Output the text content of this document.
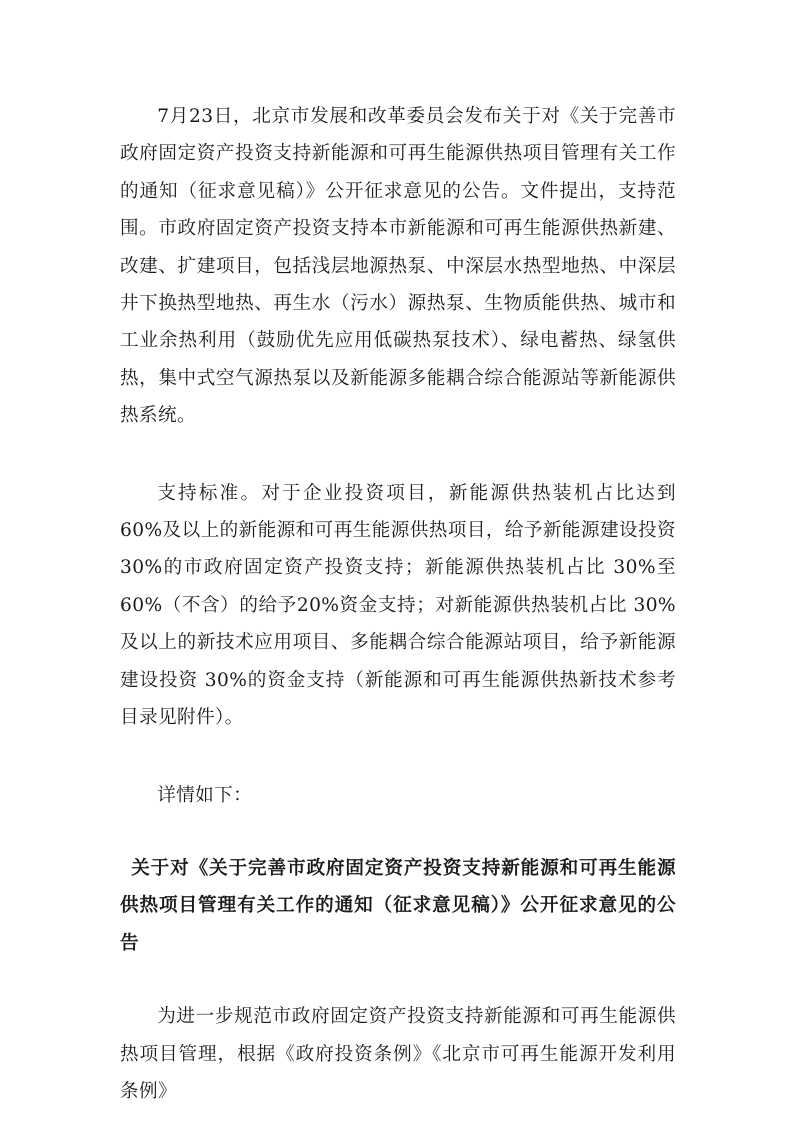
7月23日，北京市发展和改革委员会发布关于对《关于完善市政府固定资产投资支持新能源和可再生能源供热项目管理有关工作的通知（征求意见稿）》公开征求意见的公告。文件提出，支持范围。市政府固定资产投资支持本市新能源和可再生能源供热新建、改建、扩建项目，包括浅层地源热泵、中深层水热型地热、中深层井下换热型地热、再生水（污水）源热泵、生物质能供热、城市和工业余热利用（鼓励优先应用低碳热泵技术）、绿电蓄热、绿氢供热，集中式空气源热泵以及新能源多能耦合综合能源站等新能源供热系统。

支持标准。对于企业投资项目，新能源供热装机占比达到 60%及以上的新能源和可再生能源供热项目，给予新能源建设投资 30%的市政府固定资产投资支持；新能源供热装机占比 30%至 60%（不含）的给予20%资金支持；对新能源供热装机占比 30%及以上的新技术应用项目、多能耦合综合能源站项目，给予新能源建设投资 30%的资金支持（新能源和可再生能源供热新技术参考目录见附件）。

详情如下：

关于对《关于完善市政府固定资产投资支持新能源和可再生能源供热项目管理有关工作的通知（征求意见稿）》公开征求意见的公告

为进一步规范市政府固定资产投资支持新能源和可再生能源供热项目管理，根据《政府投资条例》《北京市可再生能源开发利用条例》
